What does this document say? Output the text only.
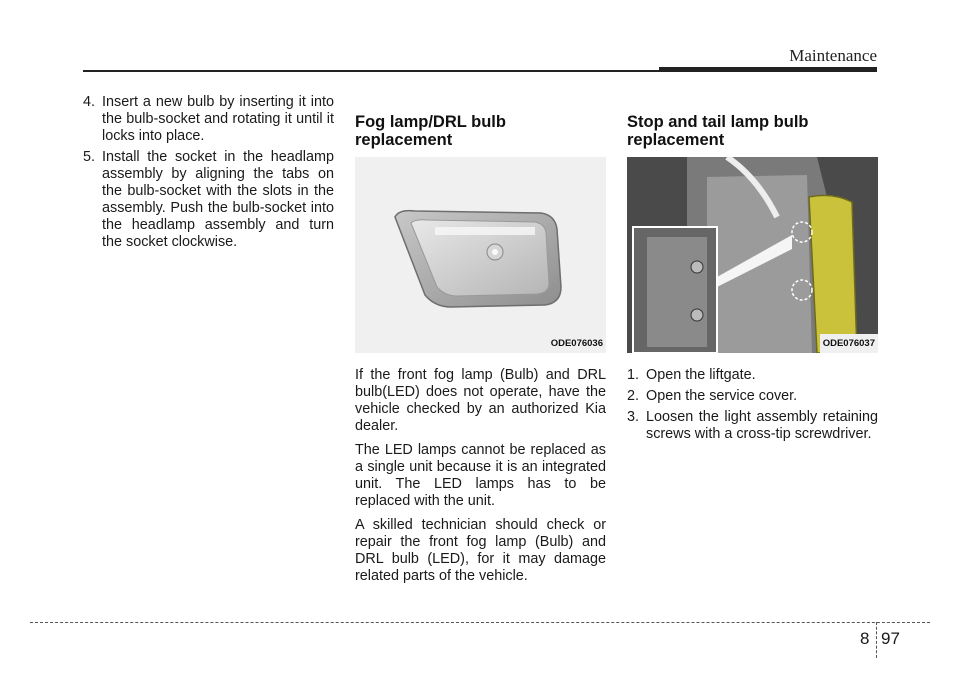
Maintenance
4. Insert a new bulb by inserting it into the bulb-socket and rotating it until it locks into place.
5. Install the socket in the headlamp assembly by aligning the tabs on the bulb-socket with the slots in the assembly. Push the bulb-socket into the headlamp assembly and turn the socket clockwise.
Fog lamp/DRL bulb replacement
ODE076036

If the front fog lamp (Bulb) and DRL bulb(LED) does not operate, have the vehicle checked by an authorized Kia dealer.

The LED lamps cannot be replaced as a single unit because it is an integrated unit. The LED lamps has to be replaced with the unit.

A skilled technician should check or repair the front fog lamp (Bulb) and DRL bulb (LED), for it may damage related parts of the vehicle.

Stop and tail lamp bulb replacement
ODE076037
1. Open the liftgate.
2. Open the service cover.
3. Loosen the light assembly retaining screws with a cross-tip screwdriver.
8 97
